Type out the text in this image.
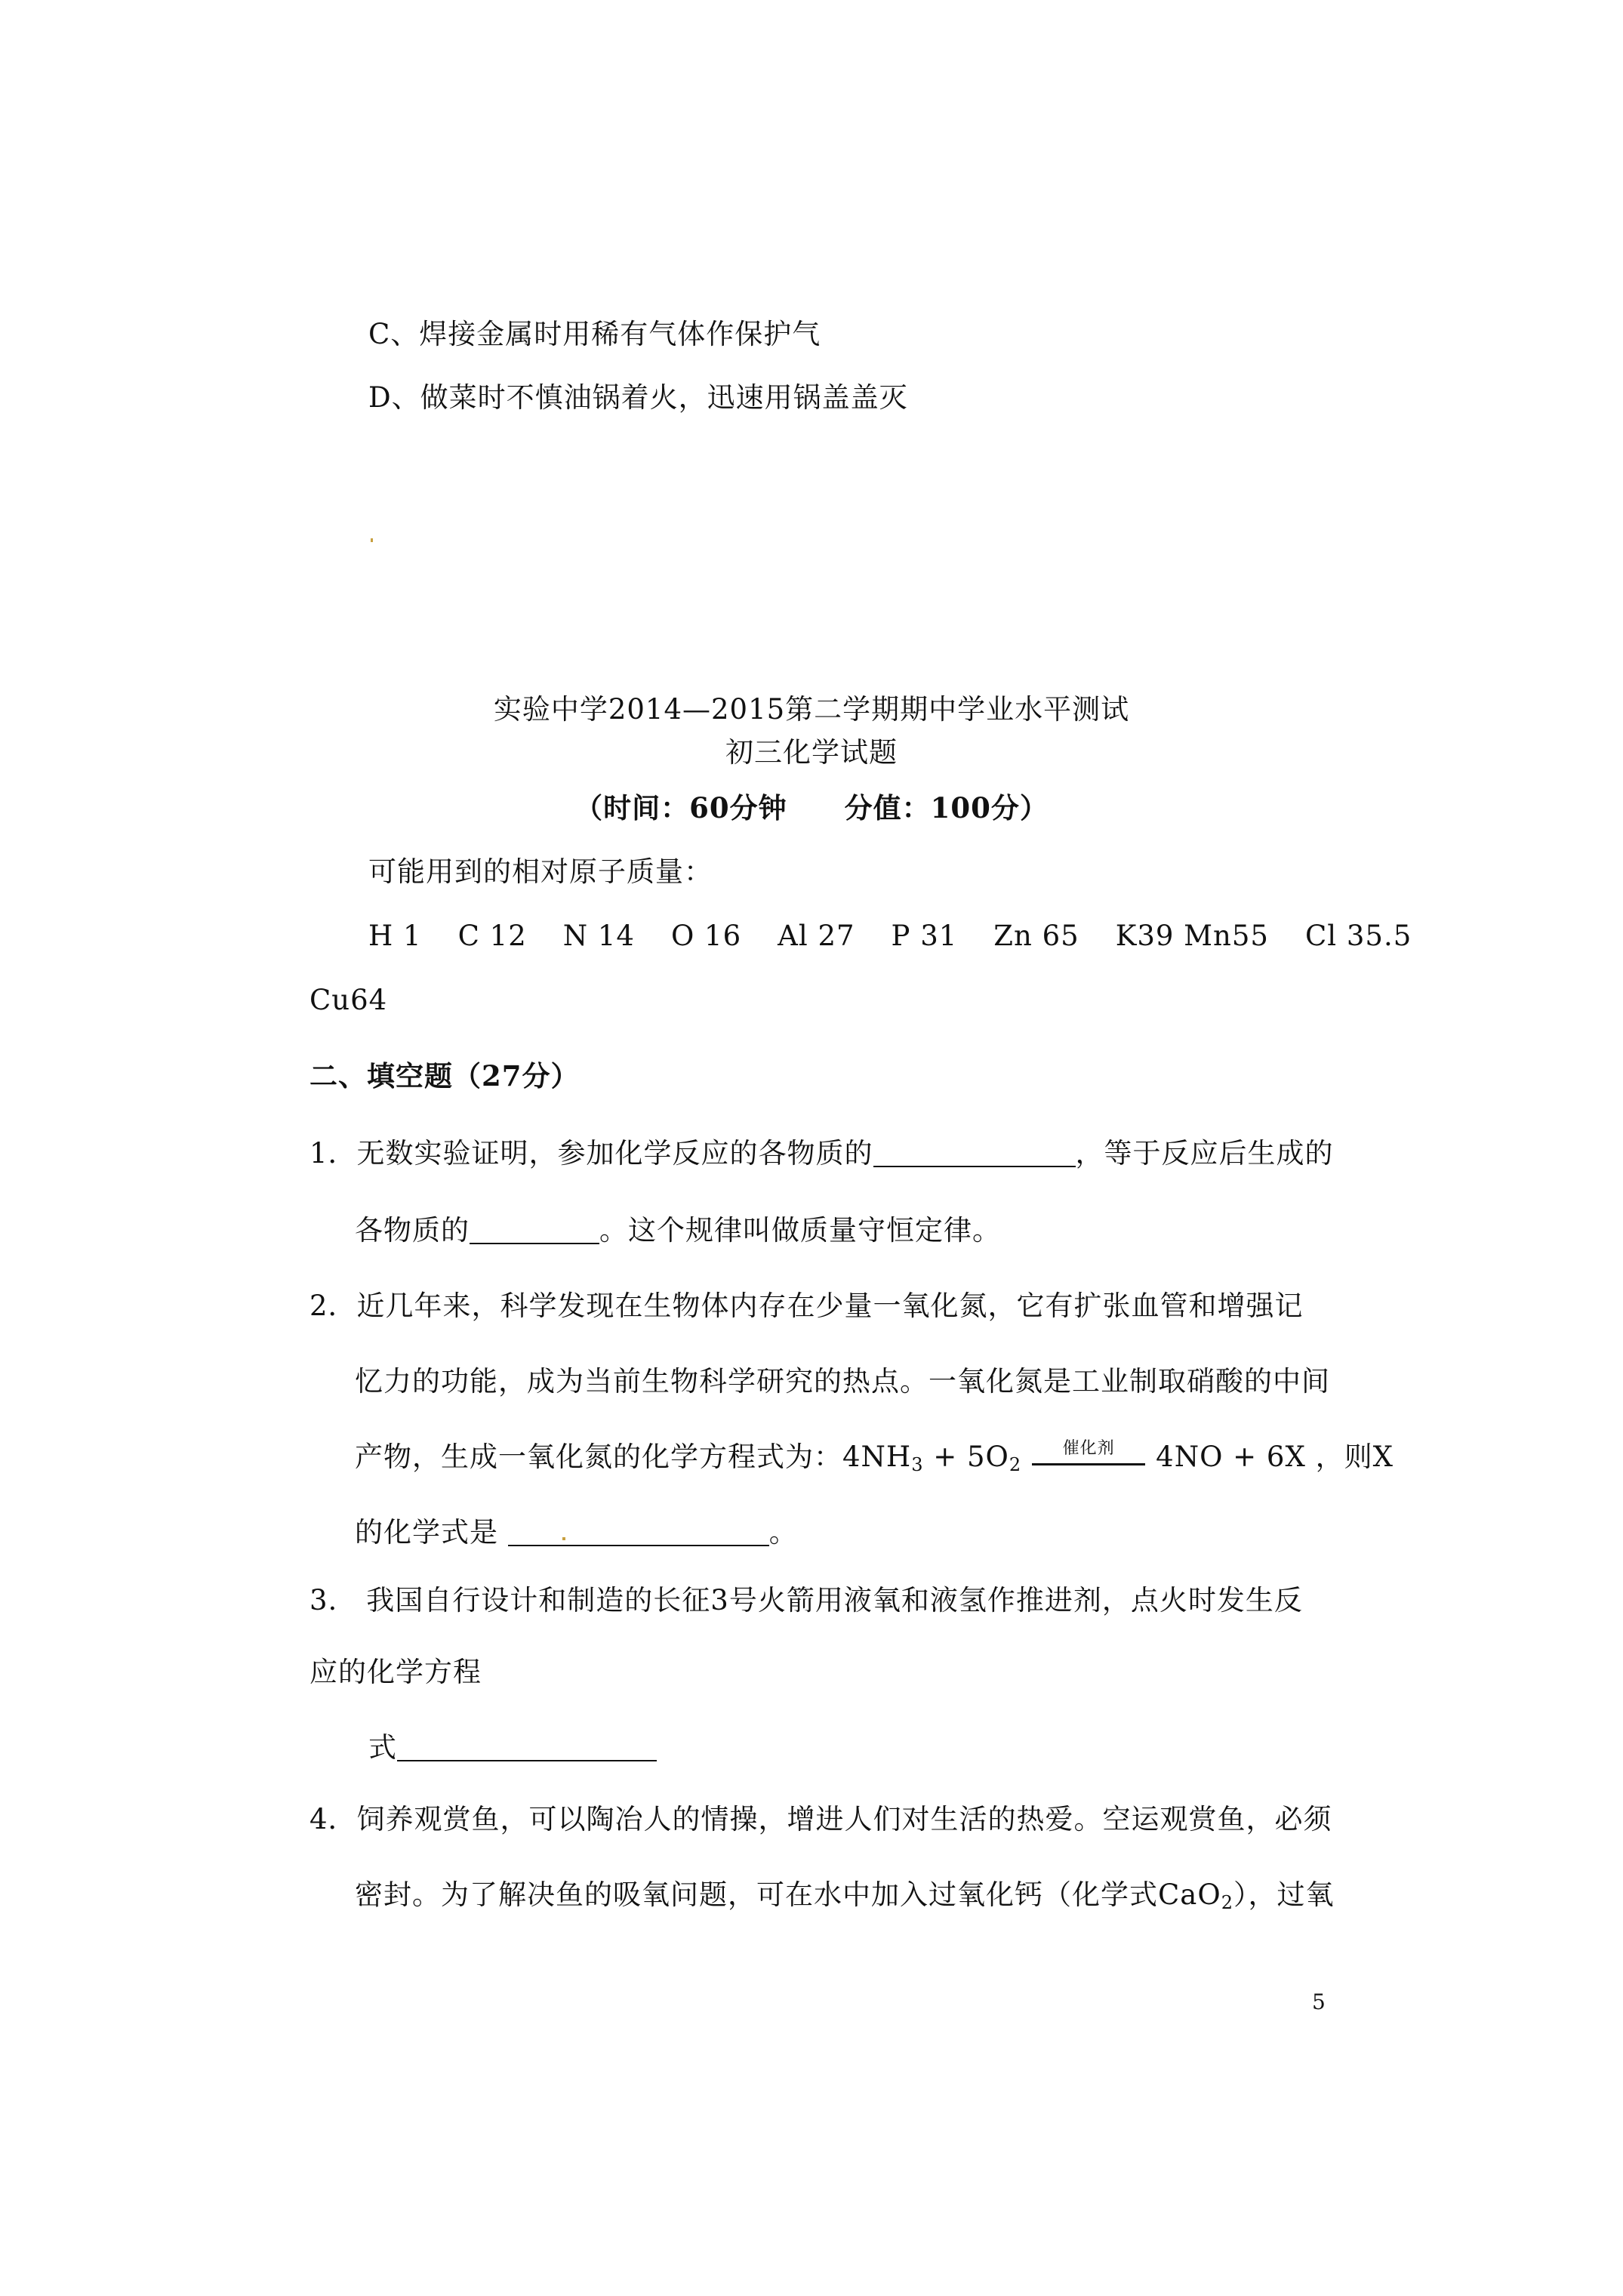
C、焊接金属时用稀有气体作保护气
D、做菜时不慎油锅着火，迅速用锅盖盖灭
实验中学2014—2015第二学期期中学业水平测试
初三化学试题
（时间：60分钟　　分值：100分）
可能用到的相对原子质量：
H 1 C 12 N 14 O 16 Al 27 P 31 Zn 65 K39 Mn55 Cl 35.5
Cu64
二、填空题（27分）
1．无数实验证明，参加化学反应的各物质的	，等于反应后生成的
各物质的	。这个规律叫做质量守恒定律。
2．近几年来，科学发现在生物体内存在少量一氧化氮，它有扩张血管和增强记
忆力的功能，成为当前生物科学研究的热点。一氧化氮是工业制取硝酸的中间
产物，生成一氧化氮的化学方程式为：$4NH_3 + 5O_2$
催化剂	4NO + 6X ，则X
的化学式是	。
3.　我国自行设计和制造的长征3号火箭用液氧和液氢作推进剂，点火时发生反
应的化学方程
式
4．饲养观赏鱼，可以陶冶人的情操，增进人们对生活的热爱。空运观赏鱼，必须
密封。为了解决鱼的吸氧问题，可在水中加入过氧化钙（化学式CaO$_2$），过氧
5
